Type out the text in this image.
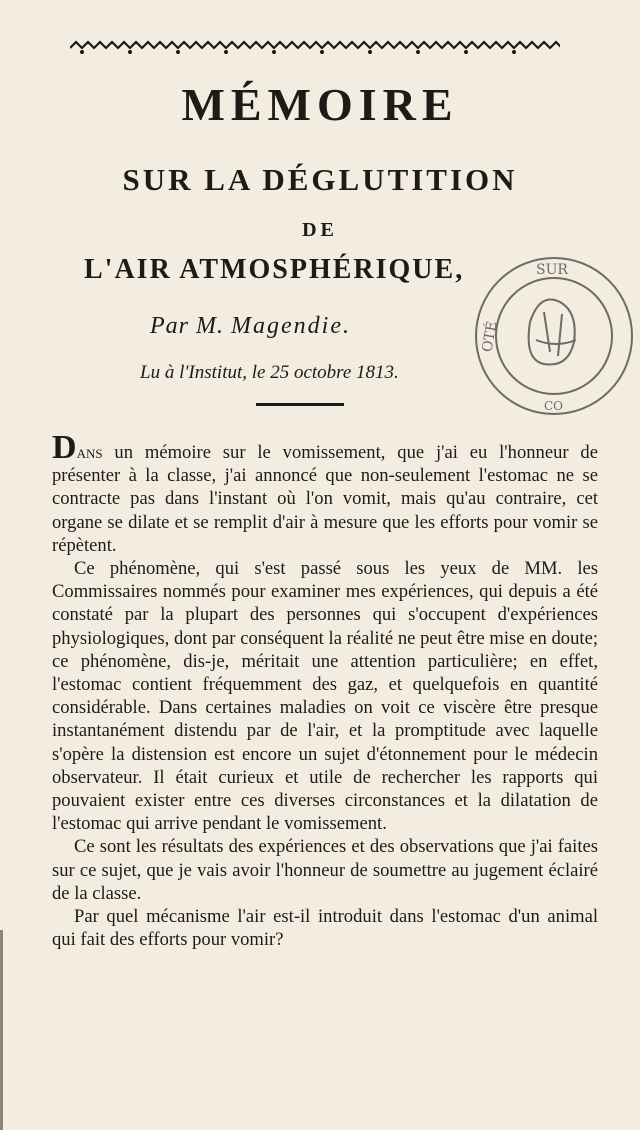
MÉMOIRE
SUR LA DÉGLUTITION
DE
L'AIR ATMOSPHÉRIQUE,
Par M. Magendie.
Lu à l'Institut, le 25 octobre 1813.
SUR
OTÉ
CO

Dans un mémoire sur le vomissement, que j'ai eu l'honneur de présenter à la classe, j'ai annoncé que non-seulement l'estomac ne se contracte pas dans l'instant où l'on vomit, mais qu'au contraire, cet organe se dilate et se remplit d'air à mesure que les efforts pour vomir se répètent.

Ce phénomène, qui s'est passé sous les yeux de MM. les Commissaires nommés pour examiner mes expériences, qui depuis a été constaté par la plupart des personnes qui s'occupent d'expériences physiologiques, dont par conséquent la réalité ne peut être mise en doute; ce phénomène, dis-je, méritait une attention particulière; en effet, l'estomac contient fréquemment des gaz, et quelquefois en quantité considérable. Dans certaines maladies on voit ce viscère être presque instantanément distendu par de l'air, et la promptitude avec laquelle s'opère la distension est encore un sujet d'étonnement pour le médecin observateur. Il était curieux et utile de rechercher les rapports qui pouvaient exister entre ces diverses circonstances et la dilatation de l'estomac qui arrive pendant le vomissement.

Ce sont les résultats des expériences et des observations que j'ai faites sur ce sujet, que je vais avoir l'honneur de soumettre au jugement éclairé de la classe.

Par quel mécanisme l'air est-il introduit dans l'estomac d'un animal qui fait des efforts pour vomir?
